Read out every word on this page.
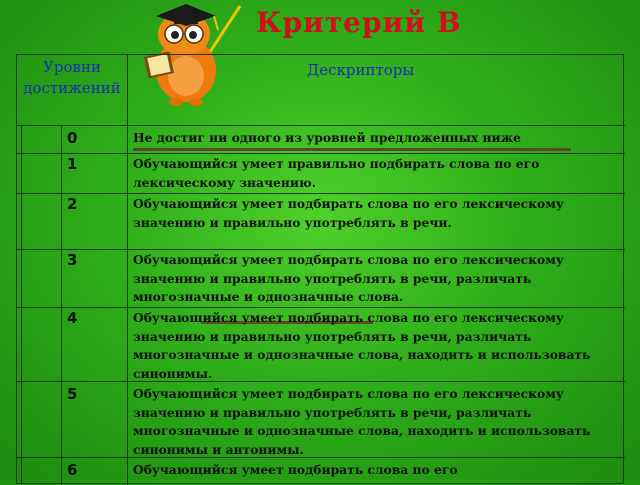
Критерий В
Уровни достижений
Дескрипторы
0	Не достиг ни одного из уровней предложенных ниже
1	Обучающийся умеет правильно подбирать слова по его лексическому значению.
2	Обучающийся умеет подбирать слова по его лексическому значению и правильно употреблять в речи.
3	Обучающийся умеет подбирать слова по его лексическому значению и правильно употреблять в речи, различать многозначные и однозначные слова.
4	Обучающийся умеет подбирать слова по его лексическому значению и правильно употреблять в речи, различать многозначные и однозначные слова, находить и использовать синонимы.
5	Обучающийся умеет подбирать слова по его лексическому значению и правильно употреблять в речи, различать многозначные и однозначные слова, находить и использовать синонимы и антонимы.
6	Обучающийся умеет подбирать слова по его
